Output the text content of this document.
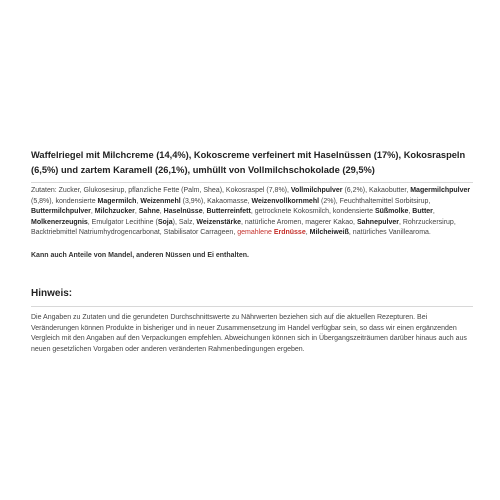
Waffelriegel mit Milchcreme (14,4%), Kokoscreme verfeinert mit Haselnüssen (17%), Kokosraspeln (6,5%) und zartem Karamell (26,1%), umhüllt von Vollmilchschokolade (29,5%)

Zutaten: Zucker, Glukosesirup, pflanzliche Fette (Palm, Shea), Kokosraspel (7,8%), Vollmilchpulver (6,2%), Kakaobutter, Magermilchpulver (5,8%), kondensierte Magermilch, Weizenmehl (3,9%), Kakaomasse, Weizenvollkornmehl (2%), Feuchthaltemittel Sorbitsirup, Buttermilchpulver, Milchzucker, Sahne, Haselnüsse, Butterreinfett, getrocknete Kokosmilch, kondensierte Süßmolke, Butter, Molkenerzeugnis, Emulgator Lecithine (Soja), Salz, Weizenstärke, natürliche Aromen, magerer Kakao, Sahnepulver, Rohrzuckersirup, Backtriebmittel Natriumhydrogencarbonat, Stabilisator Carrageen, gemahlene Erdnüsse, Milcheiweiß, natürliches Vanillearoma.

Kann auch Anteile von Mandel, anderen Nüssen und Ei enthalten.
Hinweis:

Die Angaben zu Zutaten und die gerundeten Durchschnittswerte zu Nährwerten beziehen sich auf die aktuellen Rezepturen. Bei Veränderungen können Produkte in bisheriger und in neuer Zusammensetzung im Handel verfügbar sein, so dass wir einen ergänzenden Vergleich mit den Angaben auf den Verpackungen empfehlen. Abweichungen können sich in Übergangszeiträumen darüber hinaus auch aus neuen gesetzlichen Vorgaben oder anderen veränderten Rahmenbedingungen ergeben.
